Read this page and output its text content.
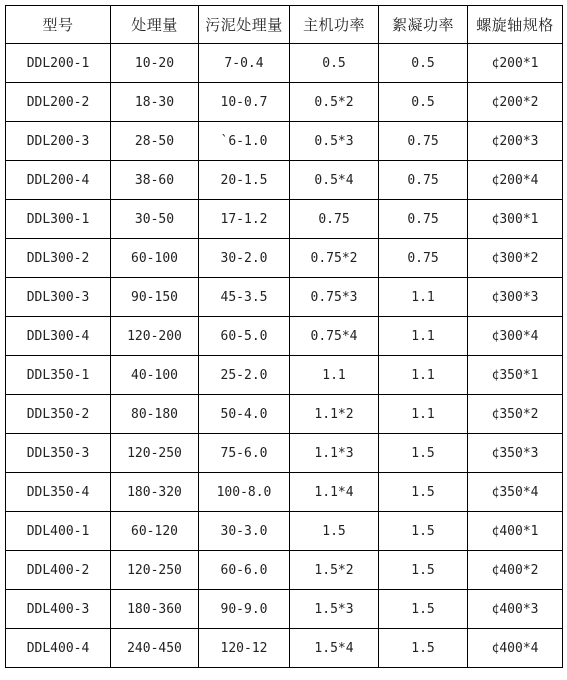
型号	处理量	污泥处理量	主机功率	絮凝功率	螺旋轴规格
DDL200-1	10-20	7-0.4	0.5	0.5	¢200*1
DDL200-2	18-30	10-0.7	0.5*2	0.5	¢200*2
DDL200-3	28-50	`6-1.0	0.5*3	0.75	¢200*3
DDL200-4	38-60	20-1.5	0.5*4	0.75	¢200*4
DDL300-1	30-50	17-1.2	0.75	0.75	¢300*1
DDL300-2	60-100	30-2.0	0.75*2	0.75	¢300*2
DDL300-3	90-150	45-3.5	0.75*3	1.1	¢300*3
DDL300-4	120-200	60-5.0	0.75*4	1.1	¢300*4
DDL350-1	40-100	25-2.0	1.1	1.1	¢350*1
DDL350-2	80-180	50-4.0	1.1*2	1.1	¢350*2
DDL350-3	120-250	75-6.0	1.1*3	1.5	¢350*3
DDL350-4	180-320	100-8.0	1.1*4	1.5	¢350*4
DDL400-1	60-120	30-3.0	1.5	1.5	¢400*1
DDL400-2	120-250	60-6.0	1.5*2	1.5	¢400*2
DDL400-3	180-360	90-9.0	1.5*3	1.5	¢400*3
DDL400-4	240-450	120-12	1.5*4	1.5	¢400*4
